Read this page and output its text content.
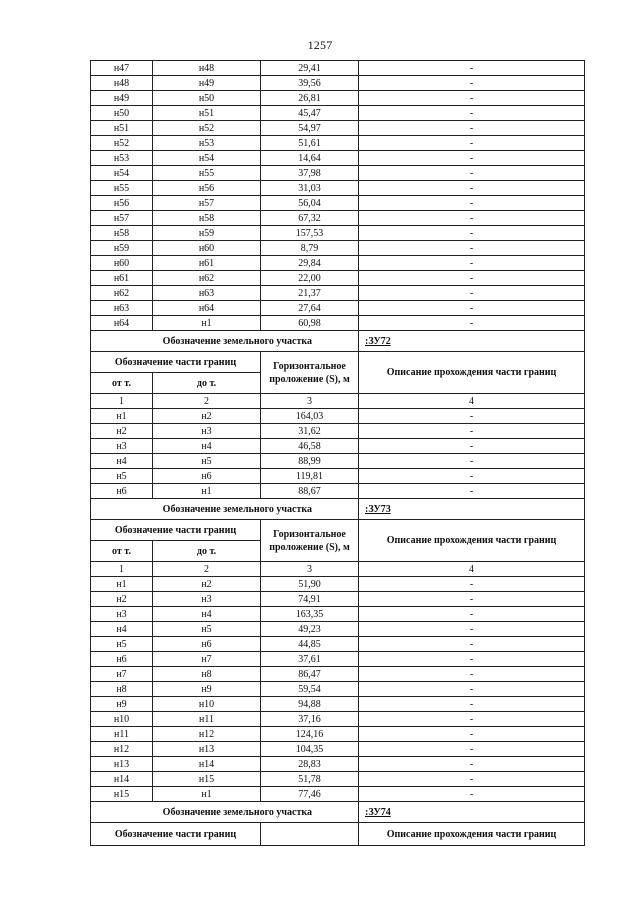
1257
н47	н48	29,41	-
н48	н49	39,56	-
н49	н50	26,81	-
н50	н51	45,47	-
н51	н52	54,97	-
н52	н53	51,61	-
н53	н54	14,64	-
н54	н55	37,98	-
н55	н56	31,03	-
н56	н57	56,04	-
н57	н58	67,32	-
н58	н59	157,53	-
н59	н60	8,79	-
н60	н61	29,84	-
н61	н62	22,00	-
н62	н63	21,37	-
н63	н64	27,64	-
н64	н1	60,98	-
Обозначение земельного участка			:ЗУ72
Обозначение части границ		Горизонтальное проложение (S), м	Описание прохождения части границ
от т.	до т.		
1	2	3	4
н1	н2	164,03	-
н2	н3	31,62	-
н3	н4	46,58	-
н4	н5	88,99	-
н5	н6	119,81	-
н6	н1	88,67	-
Обозначение земельного участка			:ЗУ73
Обозначение части границ		Горизонтальное проложение (S), м	Описание прохождения части границ
от т.	до т.		
1	2	3	4
н1	н2	51,90	-
н2	н3	74,91	-
н3	н4	163,35	-
н4	н5	49,23	-
н5	н6	44,85	-
н6	н7	37,61	-
н7	н8	86,47	-
н8	н9	59,54	-
н9	н10	94,88	-
н10	н11	37,16	-
н11	н12	124,16	-
н12	н13	104,35	-
н13	н14	28,83	-
н14	н15	51,78	-
н15	н1	77,46	-
Обозначение земельного участка			:ЗУ74
Обозначение части границ			Описание прохождения части границ
